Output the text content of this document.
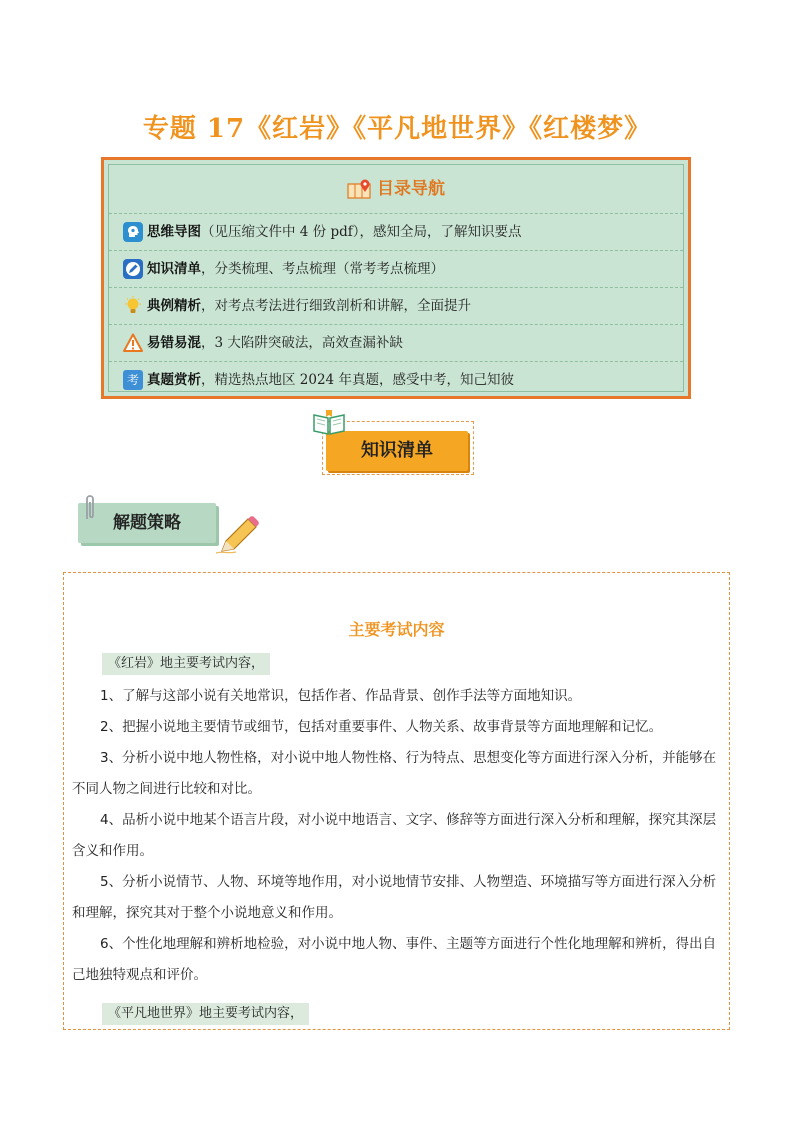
专题 17《红岩》《平凡地世界》《红楼梦》
目录导航
思维导图（见压缩文件中 4 份 pdf），感知全局，了解知识要点
知识清单，分类梳理、考点梳理（常考考点梳理）
典例精析，对考点考法进行细致剖析和讲解，全面提升
易错易混，3 大陷阱突破法，高效查漏补缺
考 真题赏析，精选热点地区 2024 年真题，感受中考，知己知彼
知识清单
解题策略
主要考试内容
《红岩》地主要考试内容，
1、了解与这部小说有关地常识，包括作者、作品背景、创作手法等方面地知识。
2、把握小说地主要情节或细节，包括对重要事件、人物关系、故事背景等方面地理解和记忆。
3、分析小说中地人物性格，对小说中地人物性格、行为特点、思想变化等方面进行深入分析，并能够在不同人物之间进行比较和对比。
4、品析小说中地某个语言片段，对小说中地语言、文字、修辞等方面进行深入分析和理解，探究其深层含义和作用。
5、分析小说情节、人物、环境等地作用，对小说地情节安排、人物塑造、环境描写等方面进行深入分析和理解，探究其对于整个小说地意义和作用。
6、个性化地理解和辨析地检验，对小说中地人物、事件、主题等方面进行个性化地理解和辨析，得出自己地独特观点和评价。
《平凡地世界》地主要考试内容，
